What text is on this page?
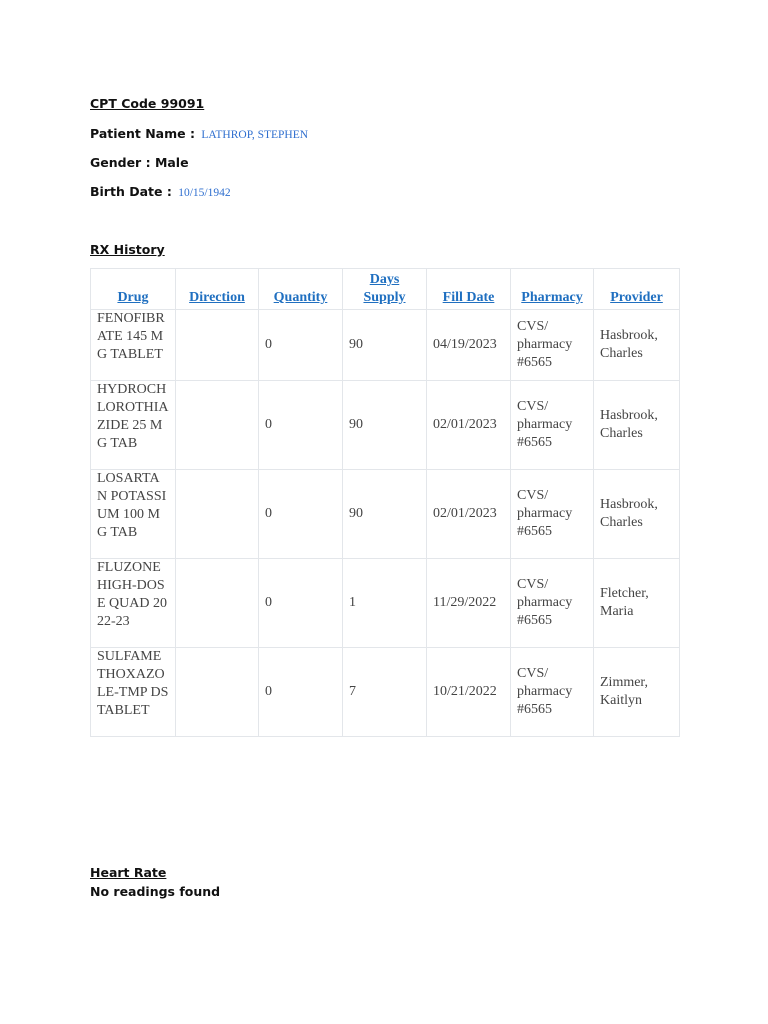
CPT Code 99091
Patient Name : LATHROP, STEPHEN
Gender : Male
Birth Date : 10/15/1942
RX History
Drug	Direction	Quantity	Days Supply	Fill Date	Pharmacy	Provider
FENOFIBRATE 145 MG TABLET		0	90	04/19/2023	CVS/ pharmacy #6565	Hasbrook, Charles
HYDROCHLOROTHIAZIDE 25 MG TAB		0	90	02/01/2023	CVS/ pharmacy #6565	Hasbrook, Charles
LOSARTAN POTASSIUM 100 MG TAB		0	90	02/01/2023	CVS/ pharmacy #6565	Hasbrook, Charles
FLUZONE HIGH-DOSE QUAD 2022-23		0	1	11/29/2022	CVS/ pharmacy #6565	Fletcher, Maria
SULFAMETHOXAZOLE-TMP DS TABLET		0	7	10/21/2022	CVS/ pharmacy #6565	Zimmer, Kaitlyn
Heart Rate
No readings found
